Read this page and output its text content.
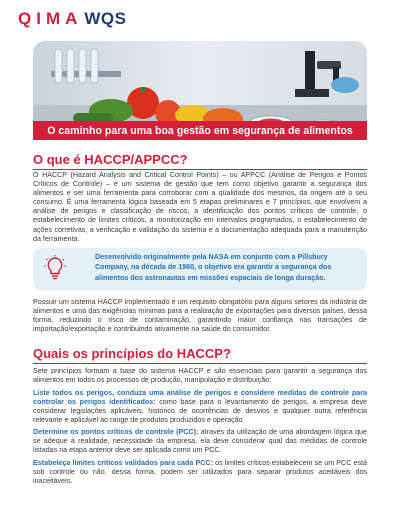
QIMA WQS
O caminho para uma boa gestão em segurança de alimentos
O que é HACCP/APPCC?

O HACCP (Hazard Analysis and Critical Control Points) – ou APPCC (Análise de Perigos e Pontos Críticos de Controle) – é um sistema de gestão que tem como objetivo garantir a segurança dos alimentos e ser uma ferramenta para corroborar com a qualidade dos mesmos, da origem até o seu consumo. É uma ferramenta lógica baseada em 5 etapas preliminares e 7 princípios, que envolvem a análise de perigos e classificação de riscos, a identificação dos pontos críticos de controle, o estabelecimento de limites críticos, a monitorização em intervalos programados, o estabelecimento de ações corretivas, a verificação e validação do sistema e a documentação adequada para a manutenção da ferramenta.

Desenvolvido originalmente pela NASA em conjunto com a Pillsbury Company, na década de 1960, o objetivo era garantir a segurança dos alimentos dos astronautas em missões espaciais de longa duração.

Possuir um sistema HACCP implementado é um requisito obrigatório para alguns setores da indústria de alimentos e uma das exigências mínimas para a realização de exportações para diversos países, dessa forma, reduzindo o risco de contaminação, garantindo maior confiança nas transações de importação/exportação e contribuindo ativamente na saúde do consumidor.

Quais os princípios do HACCP?

Sete princípios formam a base do sistema HACCP e são essenciais para garantir a segurança dos alimentos em todos os processos de produção, manipulação e distribuição:

Liste todos os perigos, conduza uma análise de perigos e considere medidas de controle para controlar os perigos identificados: como base para o levantamento de perigos, a empresa deve considerar legislações aplicáveis, histórico de ocorrências de desvios e qualquer outra referência relevante e aplicável ao range de produtos produzidos e operação.

Determine os pontos críticos de controle (PCC): através da utilização de uma abordagem lógica que se adeque à realidade, necessidade da empresa, ela deve considerar qual das medidas de controle listadas na etapa anterior deve ser aplicada como um PCC.

Estabeleça limites críticos validados para cada PCC: os limites críticos estabelecem se um PCC está sob controle ou não, dessa forma, podem ser utilizados para separar produtos aceitáveis dos inaceitáveis.
